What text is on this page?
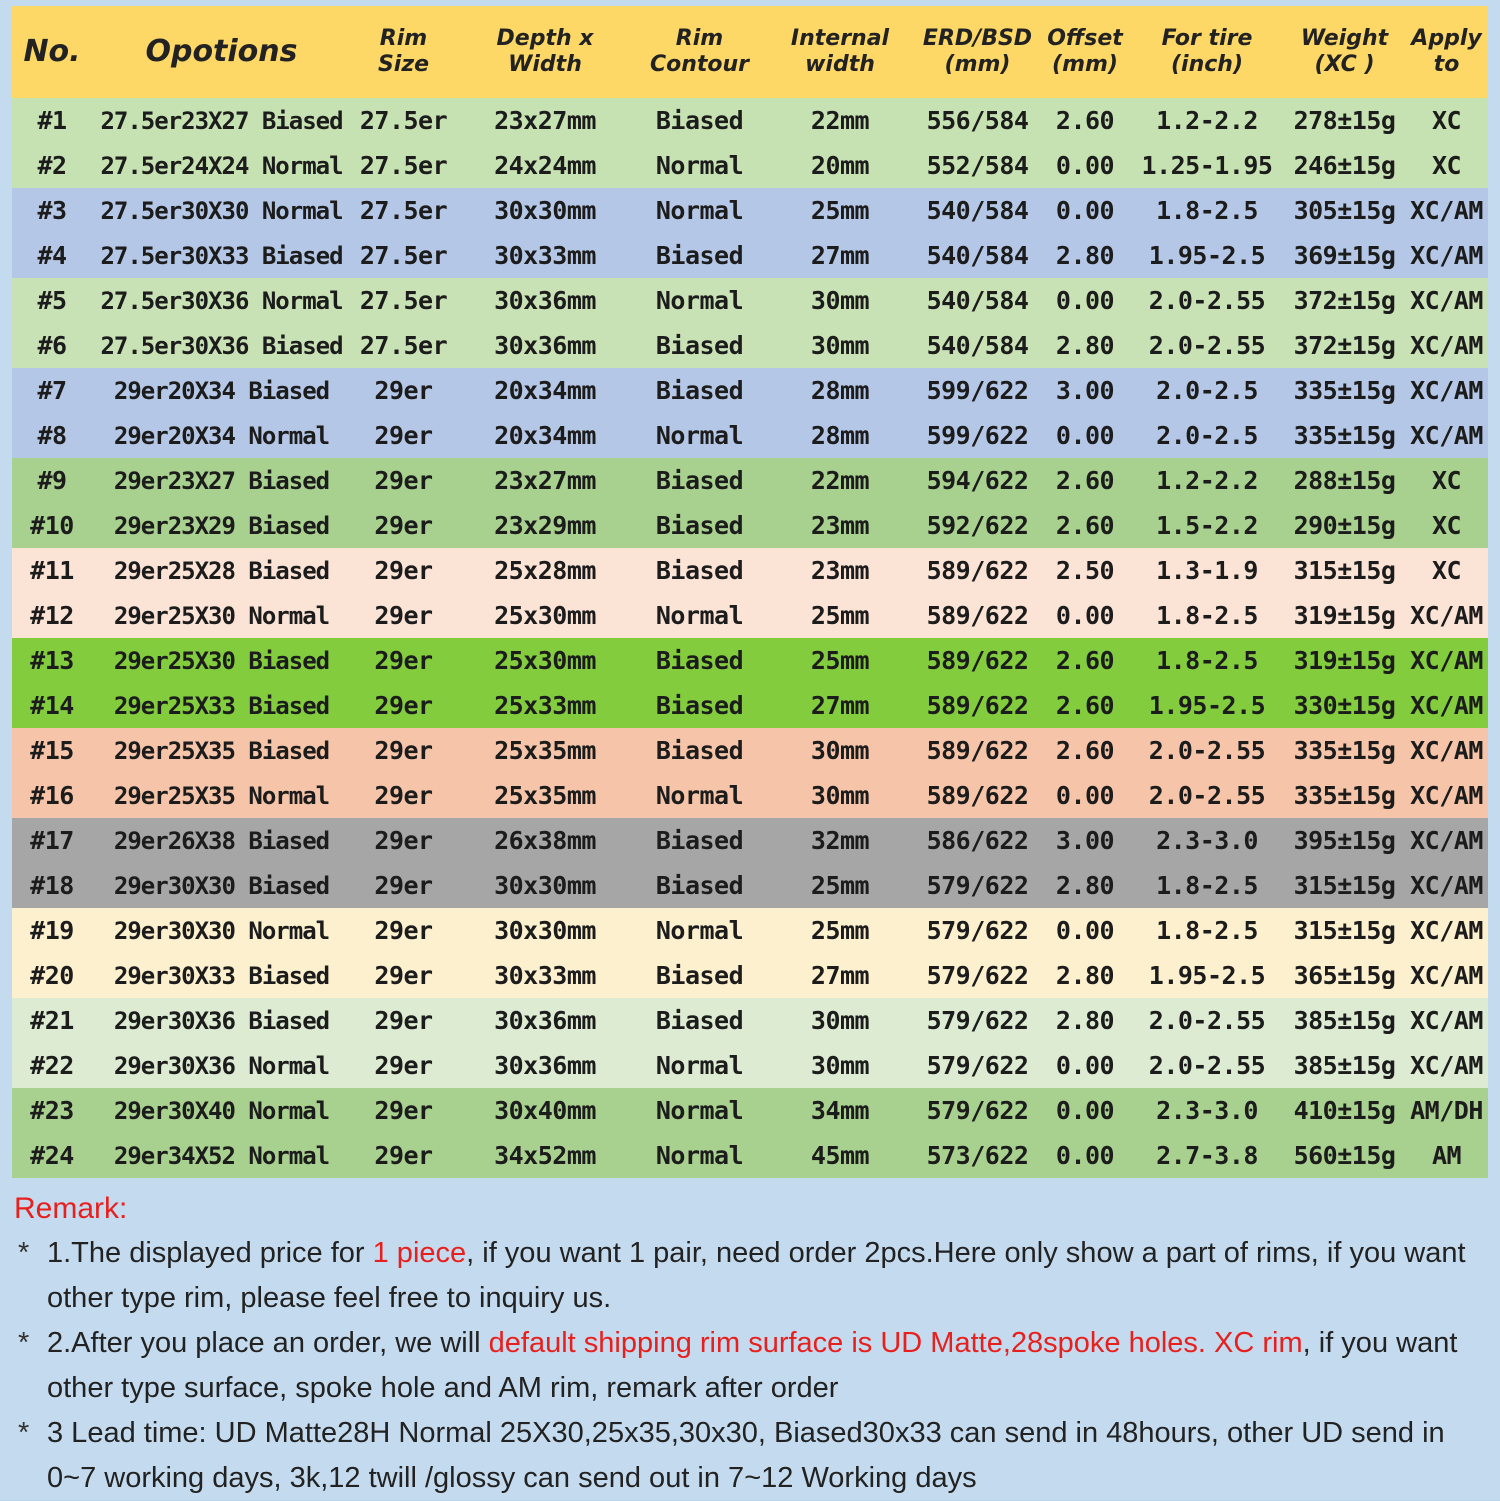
No.	Opotions	Rim Size	Depth x Width	Rim Contour	Internal width	ERD/BSD (mm)	Offset (mm)	For tire (inch)	Weight (XC )	Apply to
#1	27.5er23X27 Biased	27.5er	23x27mm	Biased	22mm	556/584	2.60	1.2-2.2	278±15g	XC
#2	27.5er24X24 Normal	27.5er	24x24mm	Normal	20mm	552/584	0.00	1.25-1.95	246±15g	XC
#3	27.5er30X30 Normal	27.5er	30x30mm	Normal	25mm	540/584	0.00	1.8-2.5	305±15g	XC/AM
#4	27.5er30X33 Biased	27.5er	30x33mm	Biased	27mm	540/584	2.80	1.95-2.5	369±15g	XC/AM
#5	27.5er30X36 Normal	27.5er	30x36mm	Normal	30mm	540/584	0.00	2.0-2.55	372±15g	XC/AM
#6	27.5er30X36 Biased	27.5er	30x36mm	Biased	30mm	540/584	2.80	2.0-2.55	372±15g	XC/AM
#7	29er20X34 Biased	29er	20x34mm	Biased	28mm	599/622	3.00	2.0-2.5	335±15g	XC/AM
#8	29er20X34 Normal	29er	20x34mm	Normal	28mm	599/622	0.00	2.0-2.5	335±15g	XC/AM
#9	29er23X27 Biased	29er	23x27mm	Biased	22mm	594/622	2.60	1.2-2.2	288±15g	XC
#10	29er23X29 Biased	29er	23x29mm	Biased	23mm	592/622	2.60	1.5-2.2	290±15g	XC
#11	29er25X28 Biased	29er	25x28mm	Biased	23mm	589/622	2.50	1.3-1.9	315±15g	XC
#12	29er25X30 Normal	29er	25x30mm	Normal	25mm	589/622	0.00	1.8-2.5	319±15g	XC/AM
#13	29er25X30 Biased	29er	25x30mm	Biased	25mm	589/622	2.60	1.8-2.5	319±15g	XC/AM
#14	29er25X33 Biased	29er	25x33mm	Biased	27mm	589/622	2.60	1.95-2.5	330±15g	XC/AM
#15	29er25X35 Biased	29er	25x35mm	Biased	30mm	589/622	2.60	2.0-2.55	335±15g	XC/AM
#16	29er25X35 Normal	29er	25x35mm	Normal	30mm	589/622	0.00	2.0-2.55	335±15g	XC/AM
#17	29er26X38 Biased	29er	26x38mm	Biased	32mm	586/622	3.00	2.3-3.0	395±15g	XC/AM
#18	29er30X30 Biased	29er	30x30mm	Biased	25mm	579/622	2.80	1.8-2.5	315±15g	XC/AM
#19	29er30X30 Normal	29er	30x30mm	Normal	25mm	579/622	0.00	1.8-2.5	315±15g	XC/AM
#20	29er30X33 Biased	29er	30x33mm	Biased	27mm	579/622	2.80	1.95-2.5	365±15g	XC/AM
#21	29er30X36 Biased	29er	30x36mm	Biased	30mm	579/622	2.80	2.0-2.55	385±15g	XC/AM
#22	29er30X36 Normal	29er	30x36mm	Normal	30mm	579/622	0.00	2.0-2.55	385±15g	XC/AM
#23	29er30X40 Normal	29er	30x40mm	Normal	34mm	579/622	0.00	2.3-3.0	410±15g	AM/DH
#24	29er34X52 Normal	29er	34x52mm	Normal	45mm	573/622	0.00	2.7-3.8	560±15g	AM
Remark:
* 1.The displayed price for 1 piece, if you want 1 pair, need order 2pcs.Here only show a part of rims, if you want other type rim, please feel free to inquiry us.
* 2.After you place an order, we will default shipping rim surface is UD Matte,28spoke holes. XC rim, if you want other type surface, spoke hole and AM rim, remark after order
* 3 Lead time: UD Matte28H Normal 25X30,25x35,30x30, Biased30x33 can send in 48hours, other UD send in 0~7 working days, 3k,12 twill /glossy can send out in 7~12 Working days
